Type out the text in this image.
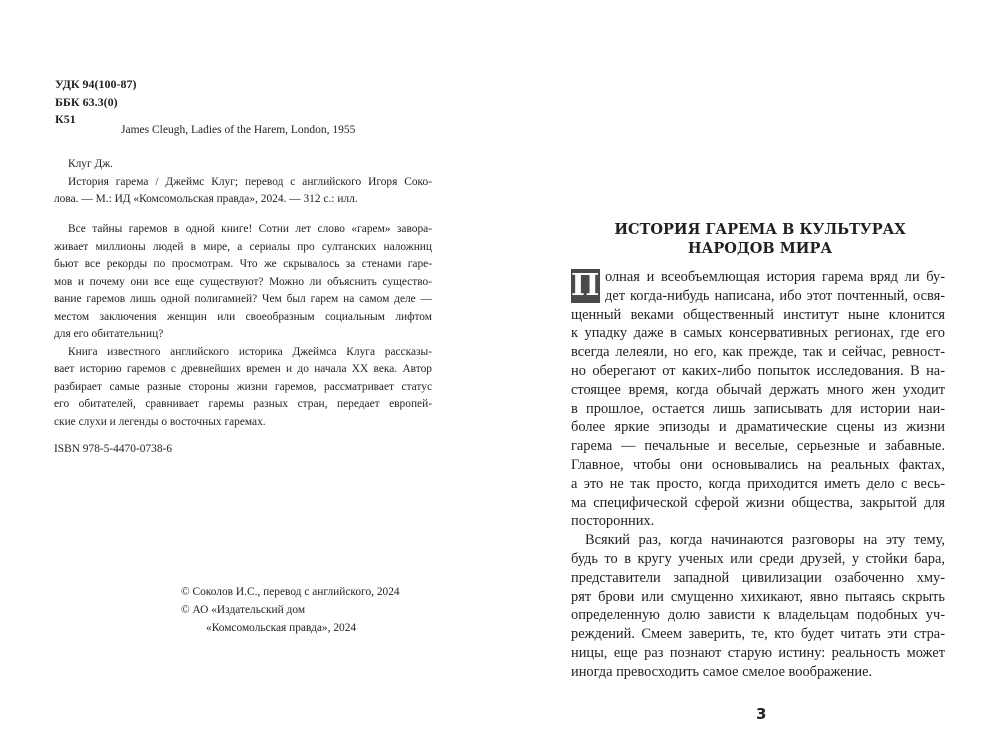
УДК 94(100-87)
ББК 63.3(0)
К51
James Cleugh, Ladies of the Harem, London, 1955
Клуг Дж.
История гарема / Джеймс Клуг; перевод с английского Игоря Соко-
лова. — М.: ИД «Комсомольская правда», 2024. — 312 с.: илл.
Все тайны гаремов в одной книге! Сотни лет слово «гарем» завора-
живает миллионы людей в мире, а сериалы про султанских наложниц
бьют все рекорды по просмотрам. Что же скрывалось за стенами гаре-
мов и почему они все еще существуют? Можно ли объяснить существо-
вание гаремов лишь одной полигамией? Чем был гарем на самом деле —
местом заключения женщин или своеобразным социальным лифтом
для его обитательниц?
Книга известного английского историка Джеймса Клуга рассказы-
вает историю гаремов с древнейших времен и до начала XX века. Автор
разбирает самые разные стороны жизни гаремов, рассматривает статус
его обитателей, сравнивает гаремы разных стран, передает европей-
ские слухи и легенды о восточных гаремах.
ISBN 978-5-4470-0738-6
© Соколов И.С., перевод с английского, 2024
© АО «Издательский дом
«Комсомольская правда», 2024
ИСТОРИЯ ГАРЕМА В КУЛЬТУРАХ
НАРОДОВ МИРА
П олная и всеобъемлющая история гарема вряд ли бу-
дет когда-нибудь написана, ибо этот почтенный, освя-
щенный веками общественный институт ныне клонится
к упадку даже в самых консервативных регионах, где его
всегда лелеяли, но его, как прежде, так и сейчас, ревност-
но оберегают от каких-либо попыток исследования. В на-
стоящее время, когда обычай держать много жен уходит
в прошлое, остается лишь записывать для истории наи-
более яркие эпизоды и драматические сцены из жизни
гарема — печальные и веселые, серьезные и забавные.
Главное, чтобы они основывались на реальных фактах,
а это не так просто, когда приходится иметь дело с весь-
ма специфической сферой жизни общества, закрытой для
посторонних.
Всякий раз, когда начинаются разговоры на эту тему,
будь то в кругу ученых или среди друзей, у стойки бара,
представители западной цивилизации озабоченно хму-
рят брови или смущенно хихикают, явно пытаясь скрыть
определенную долю зависти к владельцам подобных уч-
реждений. Смеем заверить, те, кто будет читать эти стра-
ницы, еще раз познают старую истину: реальность может
иногда превосходить самое смелое воображение.
3
